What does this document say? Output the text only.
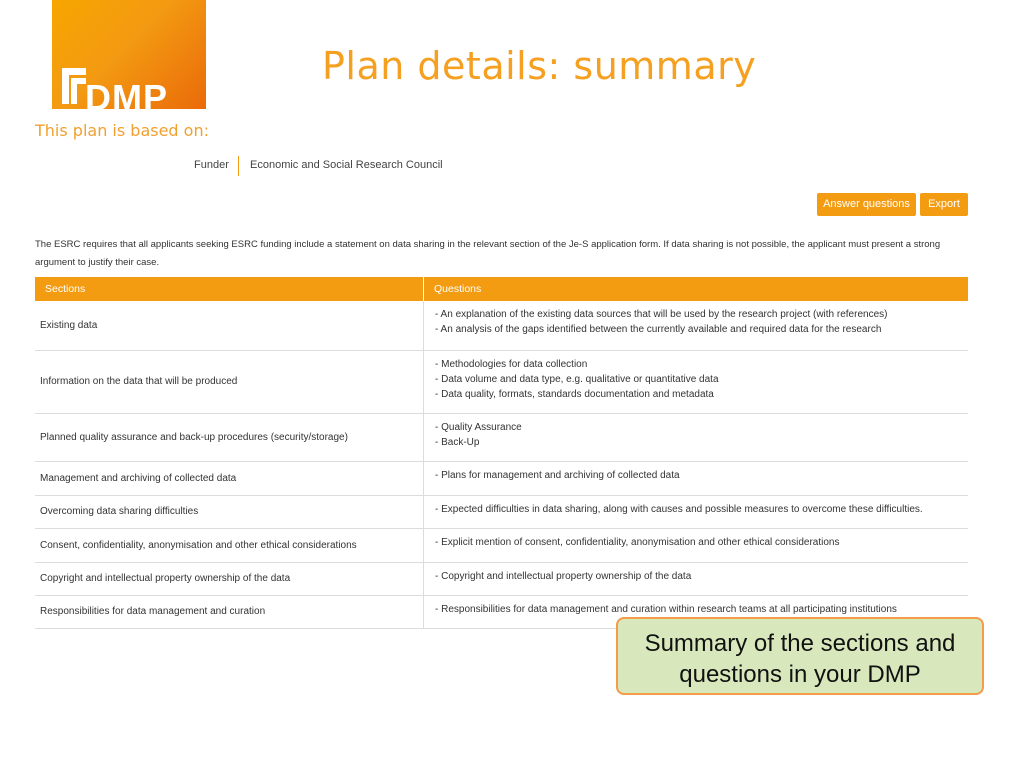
DMP
Plan details: summary
This plan is based on:
Funder Economic and Social Research Council
Answer questions	Export
The ESRC requires that all applicants seeking ESRC funding include a statement on data sharing in the relevant section of the Je-S application form. If data sharing is not possible, the applicant must present a strong argument to justify their case.
Sections	Questions
Existing data	- An explanation of the existing data sources that will be used by the research project (with references)
- An analysis of the gaps identified between the currently available and required data for the research

Information on the data that will be produced	- Methodologies for data collection
- Data volume and data type, e.g. qualitative or quantitative data
- Data quality, formats, standards documentation and metadata

Planned quality assurance and back-up procedures (security/storage)	- Quality Assurance
- Back-Up

Management and archiving of collected data	- Plans for management and archiving of collected data

Overcoming data sharing difficulties	- Expected difficulties in data sharing, along with causes and possible measures to overcome these difficulties.

Consent, confidentiality, anonymisation and other ethical considerations	- Explicit mention of consent, confidentiality, anonymisation and other ethical considerations

Copyright and intellectual property ownership of the data	- Copyright and intellectual property ownership of the data

Responsibilities for data management and curation	- Responsibilities for data management and curation within research teams at all participating institutions
Summary of the sections and
questions in your DMP
